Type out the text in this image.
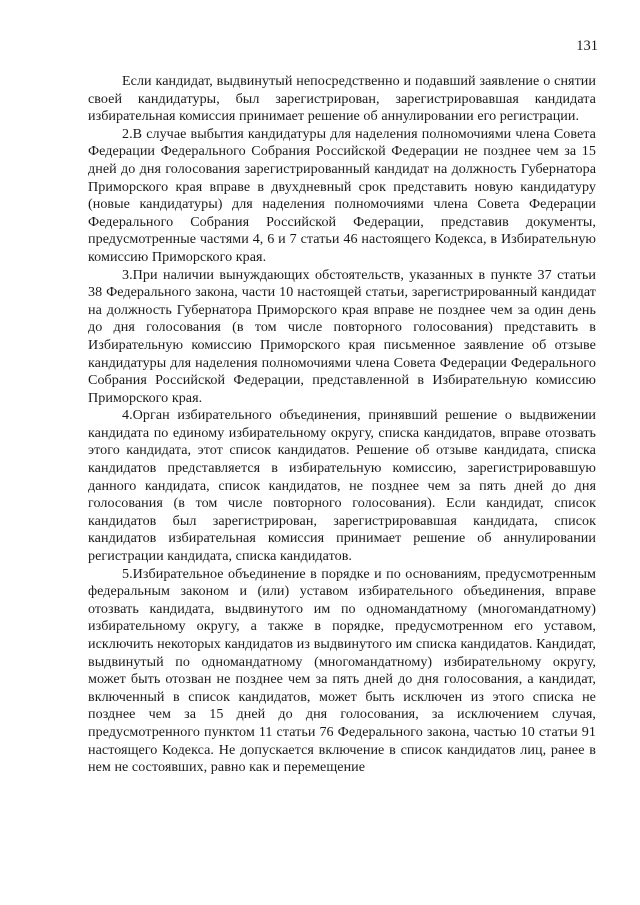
131

Если кандидат, выдвинутый непосредственно и подавший заявление о снятии своей кандидатуры, был зарегистрирован, зарегистрировавшая кандидата избирательная комиссия принимает решение об аннулировании его регистрации.

2.В случае выбытия кандидатуры для наделения полномочиями члена Совета Федерации Федерального Собрания Российской Федерации не позднее чем за 15 дней до дня голосования зарегистрированный кандидат на должность Губернатора Приморского края вправе в двухдневный срок представить новую кандидатуру (новые кандидатуры) для наделения полномочиями члена Совета Федерации Федерального Собрания Российской Федерации, представив документы, предусмотренные частями 4, 6 и 7 статьи 46 настоящего Кодекса, в Избирательную комиссию Приморского края.

3.При наличии вынуждающих обстоятельств, указанных в пункте 37 статьи 38 Федерального закона, части 10 настоящей статьи, зарегистрированный кандидат на должность Губернатора Приморского края вправе не позднее чем за один день до дня голосования (в том числе повторного голосования) представить в Избирательную комиссию Приморского края письменное заявление об отзыве кандидатуры для наделения полномочиями члена Совета Федерации Федерального Собрания Российской Федерации, представленной в Избирательную комиссию Приморского края.

4.Орган избирательного объединения, принявший решение о выдвижении кандидата по единому избирательному округу, списка кандидатов, вправе отозвать этого кандидата, этот список кандидатов. Решение об отзыве кандидата, списка кандидатов представляется в избирательную комиссию, зарегистрировавшую данного кандидата, список кандидатов, не позднее чем за пять дней до дня голосования (в том числе повторного голосования). Если кандидат, список кандидатов был зарегистрирован, зарегистрировавшая кандидата, список кандидатов избирательная комиссия принимает решение об аннулировании регистрации кандидата, списка кандидатов.

5.Избирательное объединение в порядке и по основаниям, предусмотренным федеральным законом и (или) уставом избирательного объединения, вправе отозвать кандидата, выдвинутого им по одномандатному (многомандатному) избирательному округу, а также в порядке, предусмотренном его уставом, исключить некоторых кандидатов из выдвинутого им списка кандидатов. Кандидат, выдвинутый по одномандатному (многомандатному) избирательному округу, может быть отозван не позднее чем за пять дней до дня голосования, а кандидат, включенный в список кандидатов, может быть исключен из этого списка не позднее чем за 15 дней до дня голосования, за исключением случая, предусмотренного пунктом 11 статьи 76 Федерального закона, частью 10 статьи 91 настоящего Кодекса. Не допускается включение в список кандидатов лиц, ранее в нем не состоявших, равно как и перемещение
